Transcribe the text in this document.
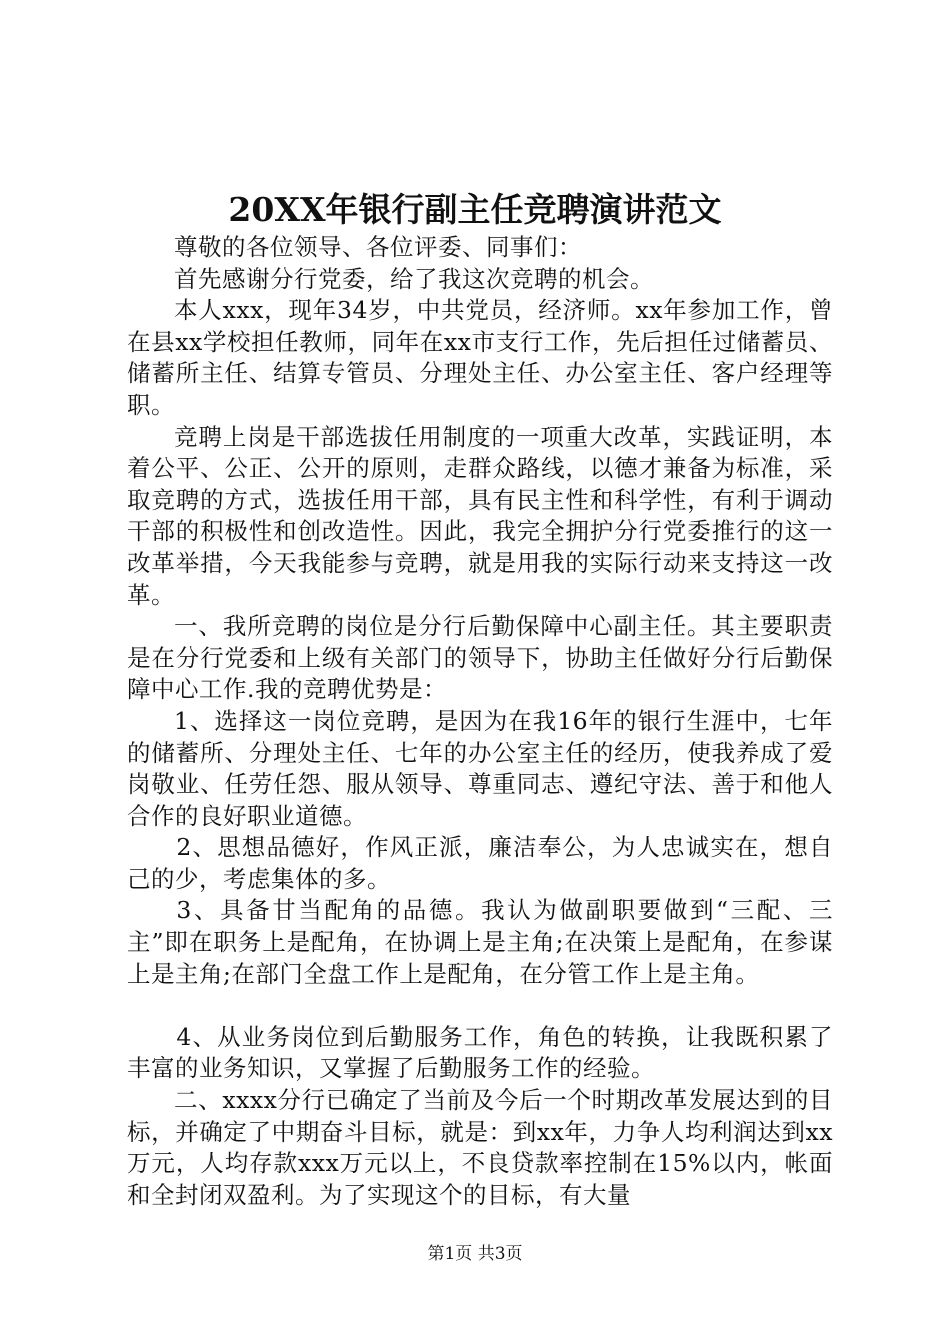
20XX年银行副主任竞聘演讲范文

尊敬的各位领导、各位评委、同事们：

首先感谢分行党委，给了我这次竞聘的机会。

本人xxx，现年34岁，中共党员，经济师。xx年参加工作，曾在县xx学校担任教师，同年在xx市支行工作，先后担任过储蓄员、储蓄所主任、结算专管员、分理处主任、办公室主任、客户经理等职。

竞聘上岗是干部选拔任用制度的一项重大改革，实践证明，本着公平、公正、公开的原则，走群众路线，以德才兼备为标准，采取竞聘的方式，选拔任用干部，具有民主性和科学性，有利于调动干部的积极性和创改造性。因此，我完全拥护分行党委推行的这一改革举措，今天我能参与竞聘，就是用我的实际行动来支持这一改革。

一、我所竞聘的岗位是分行后勤保障中心副主任。其主要职责是在分行党委和上级有关部门的领导下，协助主任做好分行后勤保障中心工作.我的竞聘优势是：

1、选择这一岗位竞聘，是因为在我16年的银行生涯中，七年的储蓄所、分理处主任、七年的办公室主任的经历，使我养成了爱岗敬业、任劳任怨、服从领导、尊重同志、遵纪守法、善于和他人合作的良好职业道德。

2、思想品德好，作风正派，廉洁奉公，为人忠诚实在，想自己的少，考虑集体的多。

3、具备甘当配角的品德。我认为做副职要做到“三配、三主”即在职务上是配角，在协调上是主角;在决策上是配角，在参谋上是主角;在部门全盘工作上是配角，在分管工作上是主角。

4、从业务岗位到后勤服务工作，角色的转换，让我既积累了丰富的业务知识，又掌握了后勤服务工作的经验。

二、xxxx分行已确定了当前及今后一个时期改革发展达到的目标，并确定了中期奋斗目标，就是：到xx年，力争人均利润达到xx万元，人均存款xxx万元以上，不良贷款率控制在15%以内，帐面和全封闭双盈利。为了实现这个的目标，有大量

第1页 共3页
